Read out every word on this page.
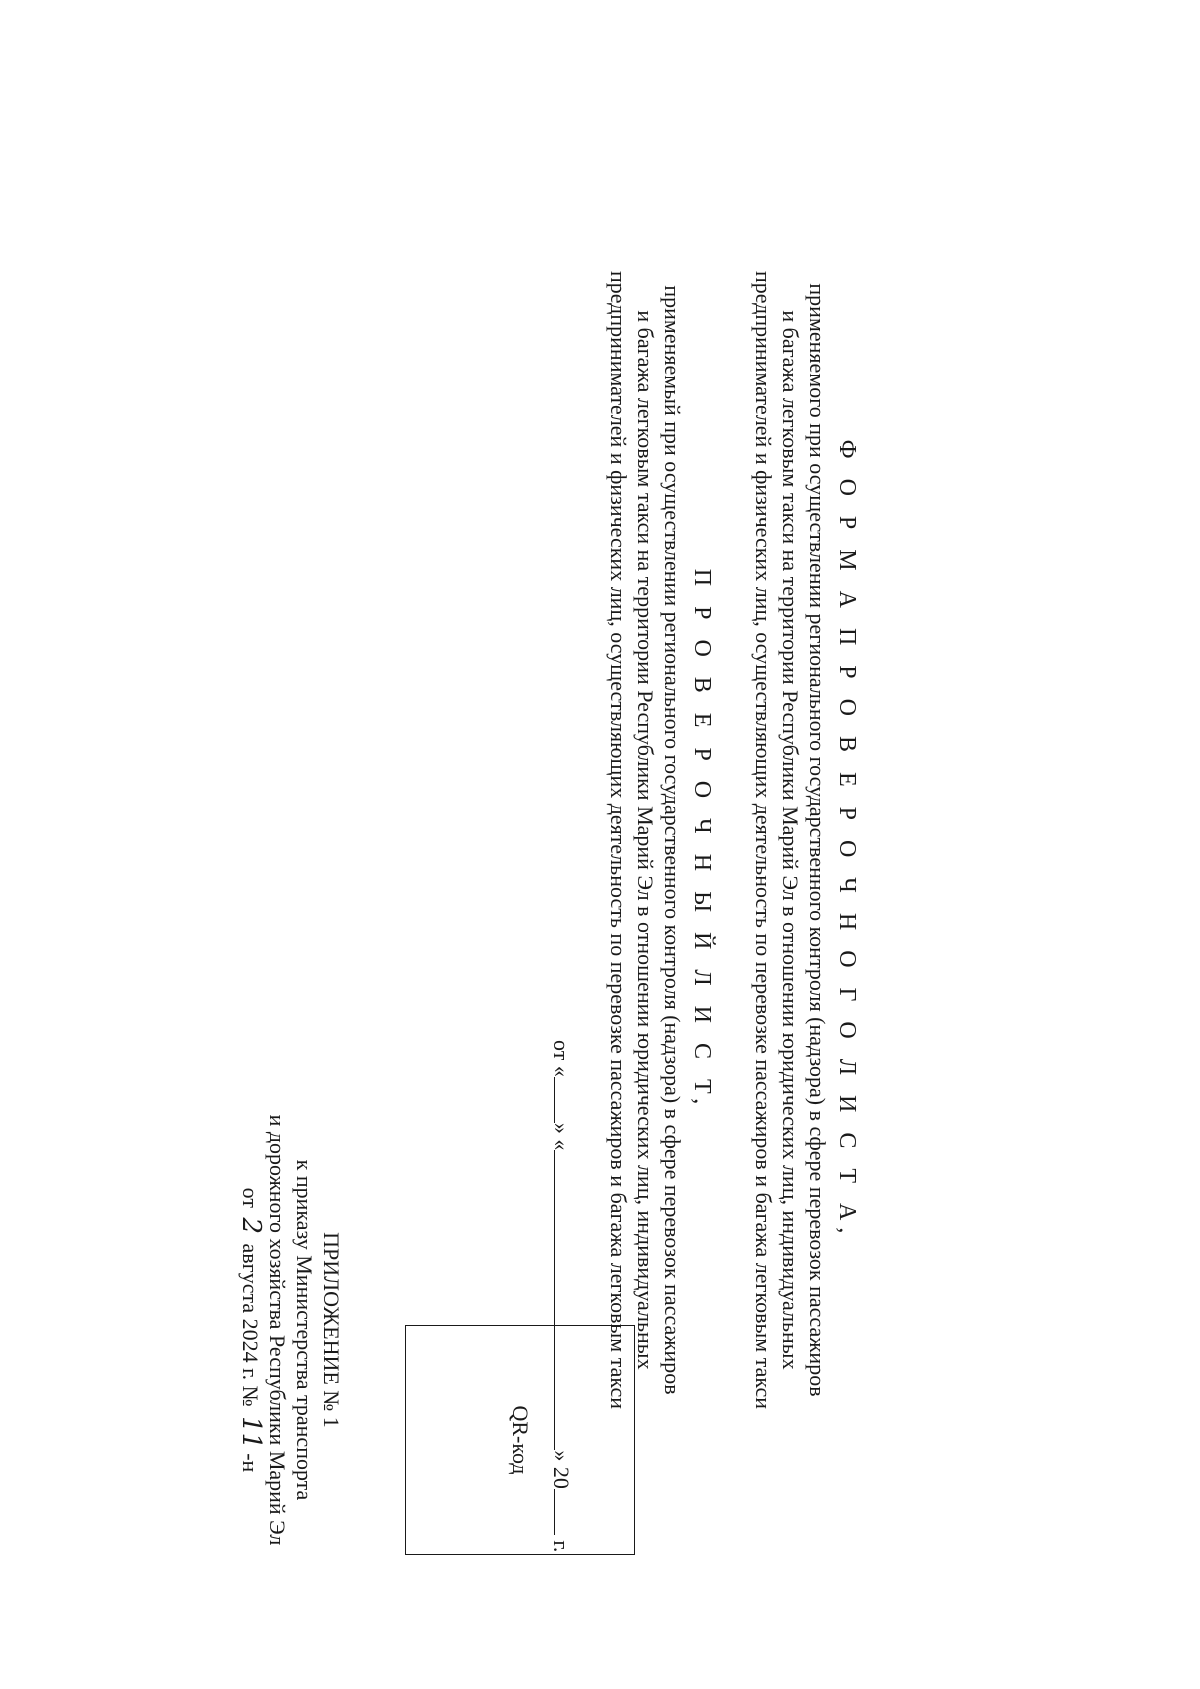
ПРИЛОЖЕНИЕ № 1
к приказу Министерства транспорта
и дорожного хозяйства Республики Марий Эл
от 2 августа 2024 г. № 11-н	QR-код
Ф О Р М А П Р О В Е Р О Ч Н О Г О Л И С Т А,
применяемого при осуществлении регионального государственного контроля (надзора) в сфере перевозок пассажиров
и багажа легковым такси на территории Республики Марий Эл в отношении юридических лиц, индивидуальных
предпринимателей и физических лиц, осуществляющих деятельность по перевозке пассажиров и багажа легковым такси
П Р О В Е Р О Ч Н Ы Й Л И С Т,
применяемый при осуществлении регионального государственного контроля (надзора) в сфере перевозок пассажиров
и багажа легковым такси на территории Республики Марий Эл в отношении юридических лиц, индивидуальных
предпринимателей и физических лиц, осуществляющих деятельность по перевозке пассажиров и багажа легковым такси
от «» «» 20 г.
